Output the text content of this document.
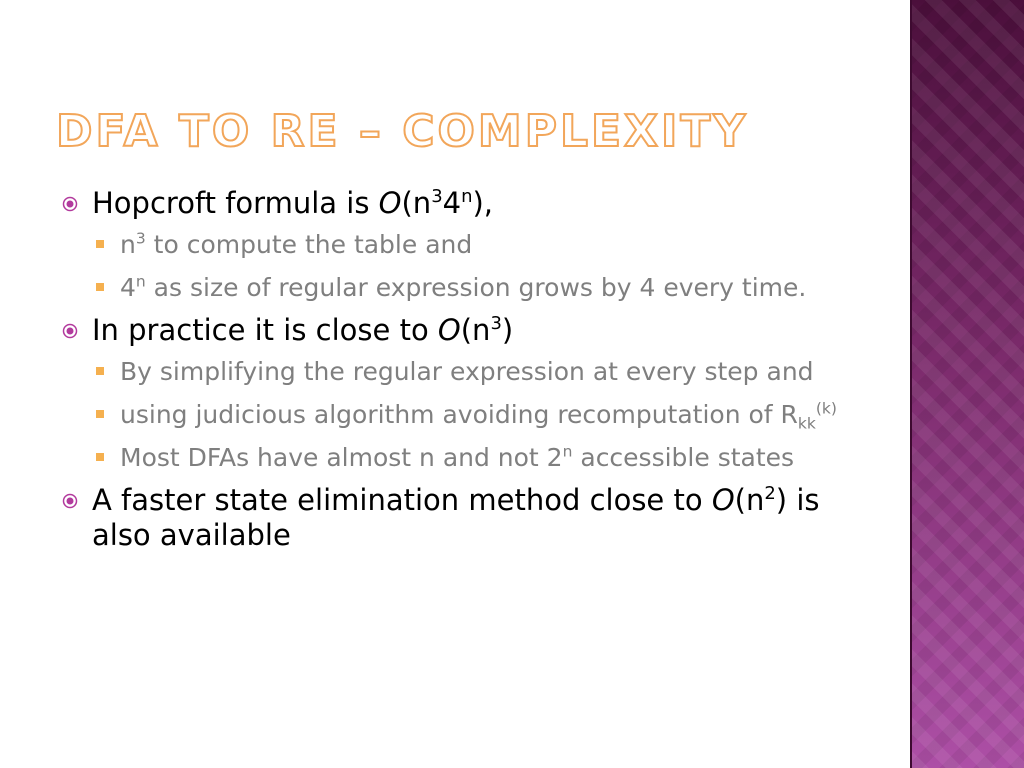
DFA TO RE – COMPLEXITY
Hopcroft formula is $O(n^34^n)$,
$n^3$ to compute the table and
4$^n$ as size of regular expression grows by 4 every time.
In practice it is close to $O(n^3)$
By simplifying the regular expression at every step and
using judicious algorithm avoiding recomputation of $R_{kk}^{(k)}$
Most DFAs have almost n and not 2$^n$ accessible states
A faster state elimination method close to $O(n^2)$ is also available
